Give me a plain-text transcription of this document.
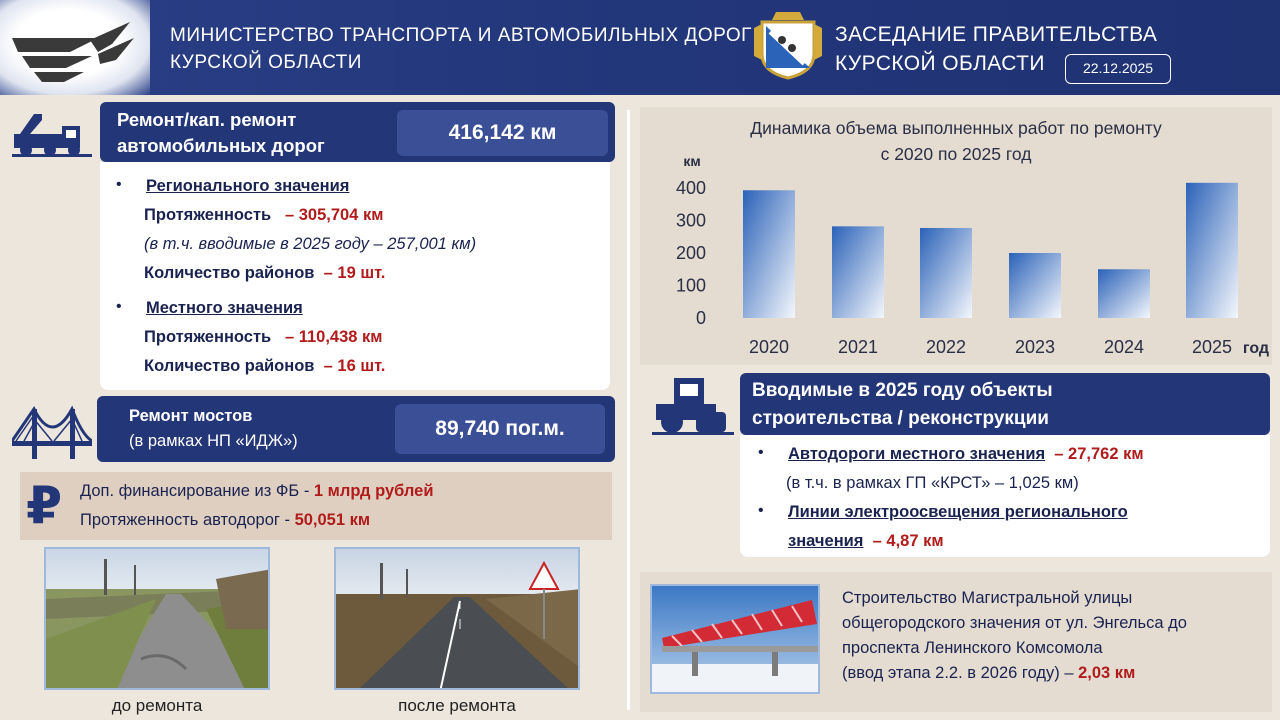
МИНИСТЕРСТВО ТРАНСПОРТА И АВТОМОБИЛЬНЫХ ДОРОГ
КУРСКОЙ ОБЛАСТИ
ЗАСЕДАНИЕ ПРАВИТЕЛЬСТВА
КУРСКОЙ ОБЛАСТИ	22.12.2025
Ремонт/кап. ремонт
автомобильных дорог
416,142 км
• Регионального значения
Протяженность – 305,704 км
(в т.ч. вводимые в 2025 году – 257,001 км)
Количество районов – 19 шт.
• Местного значения
Протяженность – 110,438 км
Количество районов – 16 шт.
Ремонт мостов
(в рамках НП «ИДЖ»)
89,740 пог.м.
₽ Доп. финансирование из ФБ - 1 млрд рублей
Протяженность автодорог - 50,051 км
до ремонта	после ремонта
Динамика объема выполненных работ по ремонту
с 2020 по 2025 год
км
400
300
200
100
0
2020	2021	2022	2023	2024	2025 год
Вводимые в 2025 году объекты
строительства / реконструкции
• Автодороги местного значения  – 27,762 км
(в т.ч. в рамках ГП «КРСТ» – 1,025 км)
• Линии электроосвещения регионального
значения  – 4,87 км
Строительство Магистральной улицы
общегородского значения от ул. Энгельса до
проспекта Ленинского Комсомола
(ввод этапа 2.2. в 2026 году) – 2,03 км
